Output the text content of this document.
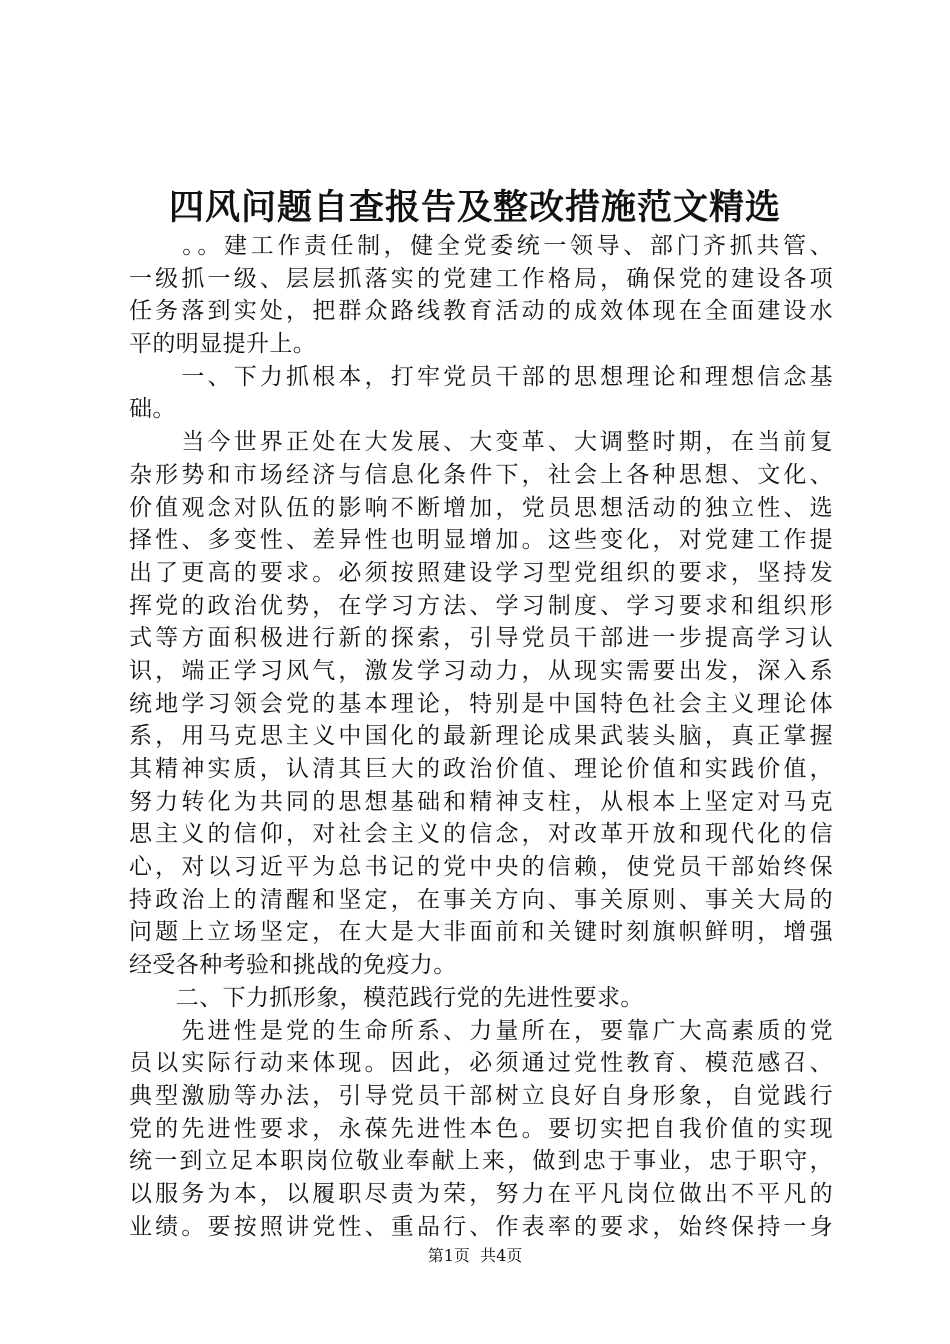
四风问题自查报告及整改措施范文精选
　　。。建工作责任制，健全党委统一领导、部门齐抓共管、
一级抓一级、层层抓落实的党建工作格局，确保党的建设各项
任务落到实处，把群众路线教育活动的成效体现在全面建设水
平的明显提升上。
　　一、下力抓根本，打牢党员干部的思想理论和理想信念基
础。
　　当今世界正处在大发展、大变革、大调整时期，在当前复
杂形势和市场经济与信息化条件下，社会上各种思想、文化、
价值观念对队伍的影响不断增加，党员思想活动的独立性、选
择性、多变性、差异性也明显增加。这些变化，对党建工作提
出了更高的要求。必须按照建设学习型党组织的要求，坚持发
挥党的政治优势，在学习方法、学习制度、学习要求和组织形
式等方面积极进行新的探索，引导党员干部进一步提高学习认
识，端正学习风气，激发学习动力，从现实需要出发，深入系
统地学习领会党的基本理论，特别是中国特色社会主义理论体
系，用马克思主义中国化的最新理论成果武装头脑，真正掌握
其精神实质，认清其巨大的政治价值、理论价值和实践价值，
努力转化为共同的思想基础和精神支柱，从根本上坚定对马克
思主义的信仰，对社会主义的信念，对改革开放和现代化的信
心，对以习近平为总书记的党中央的信赖，使党员干部始终保
持政治上的清醒和坚定，在事关方向、事关原则、事关大局的
问题上立场坚定，在大是大非面前和关键时刻旗帜鲜明，增强
经受各种考验和挑战的免疫力。
　　二、下力抓形象，模范践行党的先进性要求。
　　先进性是党的生命所系、力量所在，要靠广大高素质的党
员以实际行动来体现。因此，必须通过党性教育、模范感召、
典型激励等办法，引导党员干部树立良好自身形象，自觉践行
党的先进性要求，永葆先进性本色。要切实把自我价值的实现
统一到立足本职岗位敬业奉献上来，做到忠于事业，忠于职守，
以服务为本，以履职尽责为荣，努力在平凡岗位做出不平凡的
业绩。要按照讲党性、重品行、作表率的要求，始终保持一身
第1页  共4页
